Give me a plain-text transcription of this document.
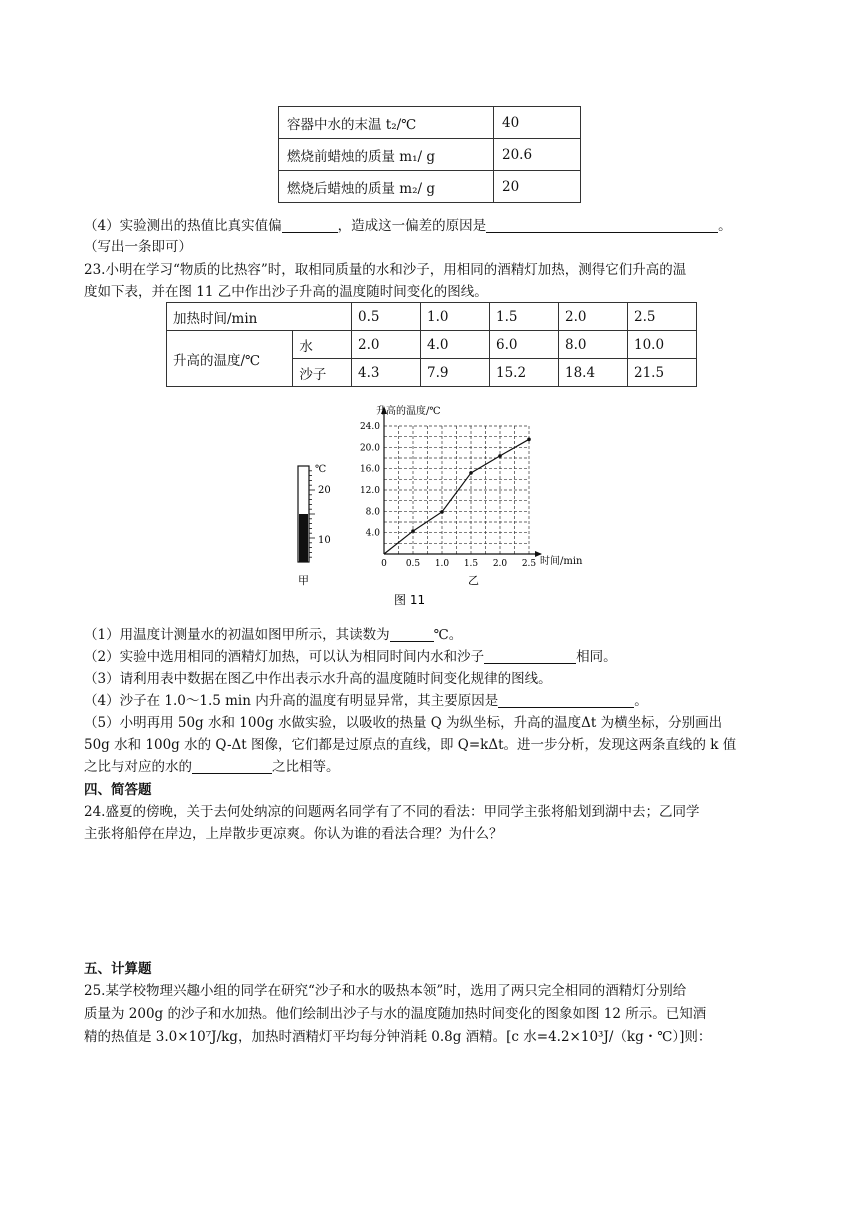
容器中水的末温 t₂/℃	40
燃烧前蜡烛的质量 m₁/ g	20.6
燃烧后蜡烛的质量 m₂/ g	20
（4）实验测出的热值比真实值偏	，造成这一偏差的原因是	。
（写出一条即可）
23.小明在学习“物质的比热容”时，取相同质量的水和沙子，用相同的酒精灯加热，测得它们升高的温
度如下表，并在图 11 乙中作出沙子升高的温度随时间变化的图线。
加热时间/min		0.5	1.0	1.5	2.0	2.5
升高的温度/℃	水	2.0	4.0	6.0	8.0	10.0
	沙子	4.3	7.9	15.2	18.4	21.5
℃
20
10
甲
4.0
8.0
12.0
16.0
20.0
24.0
0 0.5 1.0 1.5 2.0 2.5
升高的温度/℃
时间/min
乙
图 11
（1）用温度计测量水的初温如图甲所示，其读数为	℃。
（2）实验中选用相同的酒精灯加热，可以认为相同时间内水和沙子	相同。
（3）请利用表中数据在图乙中作出表示水升高的温度随时间变化规律的图线。
（4）沙子在 1.0～1.5 min 内升高的温度有明显异常，其主要原因是	。
（5）小明再用 50g 水和 100g 水做实验，以吸收的热量 Q 为纵坐标，升高的温度Δt 为横坐标，分别画出
50g 水和 100g 水的 Q-Δt 图像，它们都是过原点的直线，即 Q=kΔt。进一步分析，发现这两条直线的 k 值
之比与对应的水的	之比相等。
四、简答题
24.盛夏的傍晚，关于去何处纳凉的问题两名同学有了不同的看法：甲同学主张将船划到湖中去；乙同学
主张将船停在岸边，上岸散步更凉爽。你认为谁的看法合理？为什么？
五、计算题
25.某学校物理兴趣小组的同学在研究“沙子和水的吸热本领”时，选用了两只完全相同的酒精灯分别给
质量为 200g 的沙子和水加热。他们绘制出沙子与水的温度随加热时间变化的图象如图 12 所示。已知酒
精的热值是 3.0×10⁷J/kg，加热时酒精灯平均每分钟消耗 0.8g 酒精。[c 水=4.2×10³J/（kg・℃）]则：
